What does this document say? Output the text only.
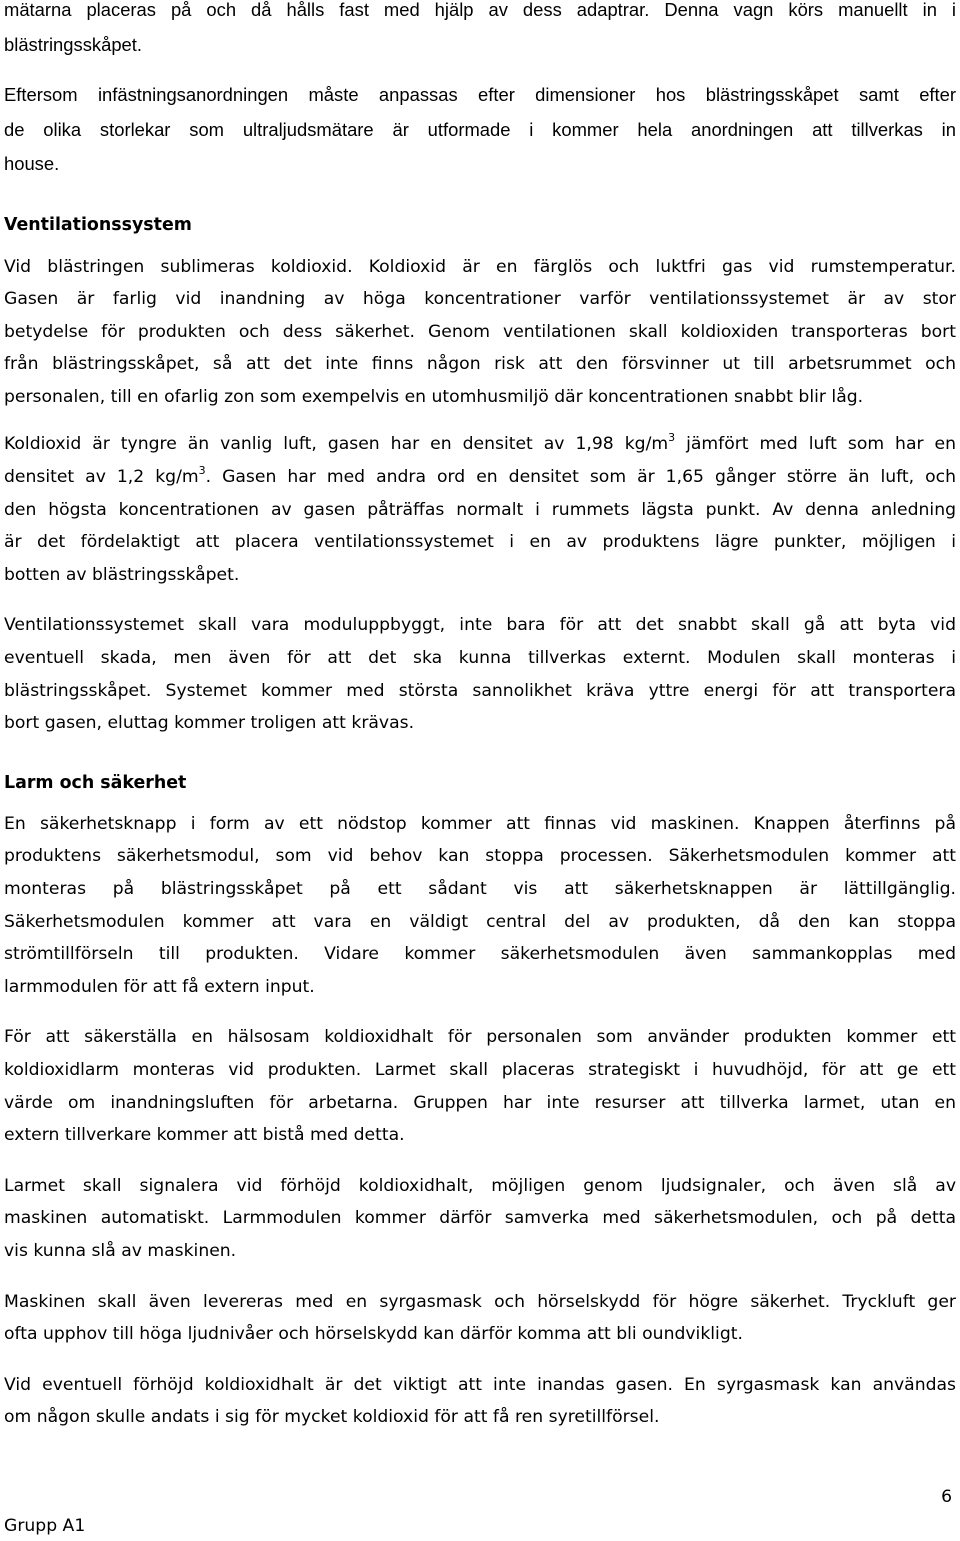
mätarna placeras på och då hålls fast med hjälp av dess adaptrar. Denna vagn körs manuellt in i
blästringsskåpet.
Eftersom infästningsanordningen måste anpassas efter dimensioner hos blästringsskåpet samt efter
de olika storlekar som ultraljudsmätare är utformade i kommer hela anordningen att tillverkas in
house.
Ventilationssystem
Vid blästringen sublimeras koldioxid. Koldioxid är en färglös och luktfri gas vid rumstemperatur.
Gasen är farlig vid inandning av höga koncentrationer varför ventilationssystemet är av stor
betydelse för produkten och dess säkerhet. Genom ventilationen skall koldioxiden transporteras bort
från blästringsskåpet, så att det inte finns någon risk att den försvinner ut till arbetsrummet och
personalen, till en ofarlig zon som exempelvis en utomhusmiljö där koncentrationen snabbt blir låg.
Koldioxid är tyngre än vanlig luft, gasen har en densitet av 1,98 $kg/m^3$ jämfört med luft som har en
densitet av 1,2 $kg/m^3$. Gasen har med andra ord en densitet som är 1,65 gånger större än luft, och
den högsta koncentrationen av gasen påträffas normalt i rummets lägsta punkt. Av denna anledning
är det fördelaktigt att placera ventilationssystemet i en av produktens lägre punkter, möjligen i
botten av blästringsskåpet.
Ventilationssystemet skall vara moduluppbyggt, inte bara för att det snabbt skall gå att byta vid
eventuell skada, men även för att det ska kunna tillverkas externt. Modulen skall monteras i
blästringsskåpet. Systemet kommer med största sannolikhet kräva yttre energi för att transportera
bort gasen, eluttag kommer troligen att krävas.
Larm och säkerhet
En säkerhetsknapp i form av ett nödstop kommer att finnas vid maskinen. Knappen återfinns på
produktens säkerhetsmodul, som vid behov kan stoppa processen. Säkerhetsmodulen kommer att
monteras på blästringsskåpet på ett sådant vis att säkerhetsknappen är lättillgänglig.
Säkerhetsmodulen kommer att vara en väldigt central del av produkten, då den kan stoppa
strömtillförseln till produkten. Vidare kommer säkerhetsmodulen även sammankopplas med
larmmodulen för att få extern input.
För att säkerställa en hälsosam koldioxidhalt för personalen som använder produkten kommer ett
koldioxidlarm monteras vid produkten. Larmet skall placeras strategiskt i huvudhöjd, för att ge ett
värde om inandningsluften för arbetarna. Gruppen har inte resurser att tillverka larmet, utan en
extern tillverkare kommer att bistå med detta.
Larmet skall signalera vid förhöjd koldioxidhalt, möjligen genom ljudsignaler, och även slå av
maskinen automatiskt. Larmmodulen kommer därför samverka med säkerhetsmodulen, och på detta
vis kunna slå av maskinen.
Maskinen skall även levereras med en syrgasmask och hörselskydd för högre säkerhet. Tryckluft ger
ofta upphov till höga ljudnivåer och hörselskydd kan därför komma att bli oundvikligt.
Vid eventuell förhöjd koldioxidhalt är det viktigt att inte inandas gasen. En syrgasmask kan användas
om någon skulle andats i sig för mycket koldioxid för att få ren syretillförsel.
6
Grupp A1
